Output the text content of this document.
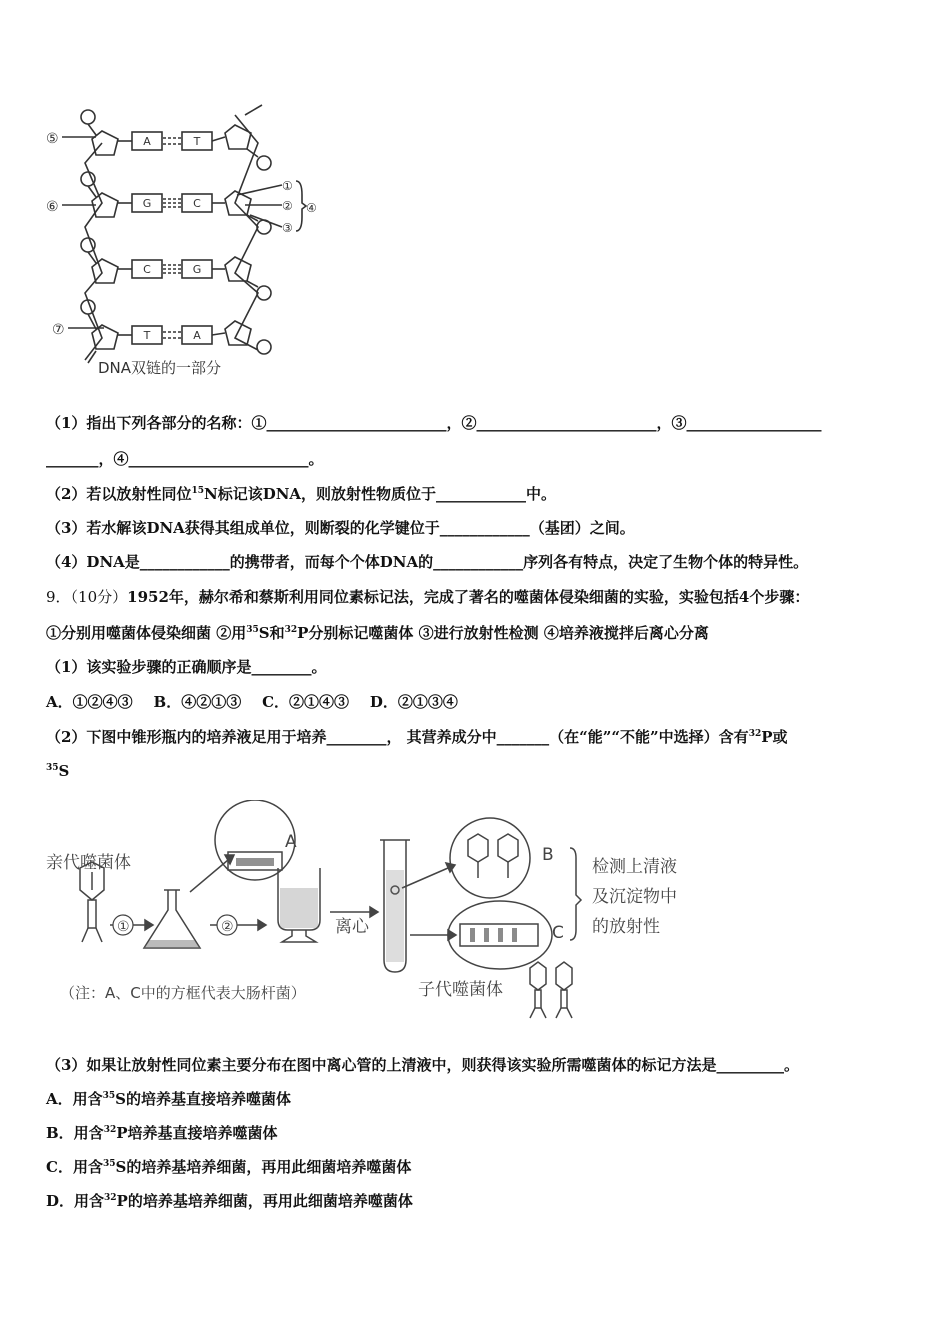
A	T
G	C
C	G
T	A
⑤
⑥
⑦
①
②
③
④
DNA双链的一部分
（1）指出下列各部分的名称：①________________________，②________________________，③__________________
_______，④________________________。
（2）若以放射性同位$^{15}$N标记该DNA，则放射性物质位于____________中。
（3）若水解该DNA获得其组成单位，则断裂的化学键位于____________（基团）之间。
（4）DNA是____________的携带者，而每个个体DNA的____________序列各有特点，决定了生物个体的特异性。
9．（10分）1952年，赫尔希和蔡斯利用同位素标记法，完成了著名的噬菌体侵染细菌的实验，实验包括4个步骤：
①分别用噬菌体侵染细菌 ②用$^{35}$S和$^{32}$P分别标记噬菌体 ③进行放射性检测 ④培养液搅拌后离心分离
（1）该实验步骤的正确顺序是________。
A．①②④③    B．④②①③    C．②①④③    D．②①③④
（2）下图中锥形瓶内的培养液足用于培养________， 其营养成分中_______（在“能”“不能”中选择）含有$^{32}$P或
$^{35}$S
亲代噬菌体
①	②
A
离心
B
C
检测上清液
及沉淀物中
的放射性
子代噬菌体
（注：A、C中的方框代表大肠杆菌）
（3）如果让放射性同位素主要分布在图中离心管的上清液中，则获得该实验所需噬菌体的标记方法是_________。
A．用含$^{35}$S的培养基直接培养噬菌体
B．用含$^{32}$P培养基直接培养噬菌体
C．用含$^{35}$S的培养基培养细菌，再用此细菌培养噬菌体
D．用含$^{32}$P的培养基培养细菌，再用此细菌培养噬菌体
